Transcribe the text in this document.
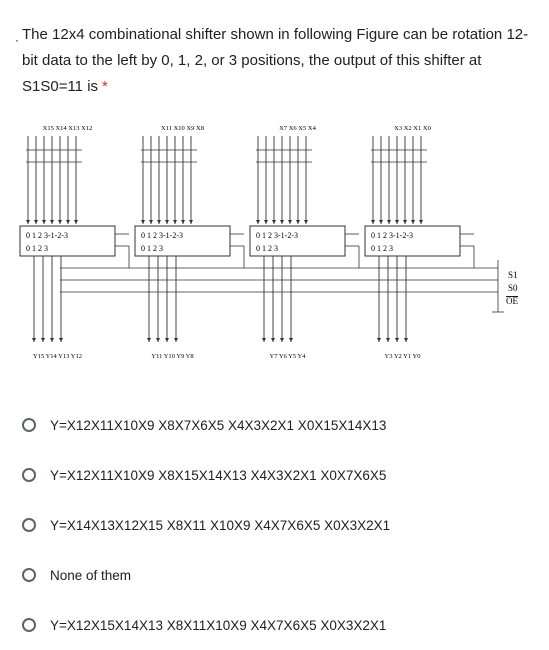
̣The 12x4 combinational shifter shown in following Figure can be rotation 12-bit data to the left by 0, 1, 2, or 3 positions, the output of this shifter at S1S0=11 is *
X15 X14 X13 X12
0 1 2 3-1-2-3
0 1 2 3
Y15 Y14 Y13 Y12
X11 X10 X9 X8
0 1 2 3-1-2-3
0 1 2 3
Y11 Y10 Y9 Y8
X7 X6 X5 X4
0 1 2 3-1-2-3
0 1 2 3
Y7 Y6 Y5 Y4
X3 X2 X1 X0
0 1 2 3-1-2-3
0 1 2 3
Y3 Y2 Y1 Y0
S1
S0
OE
Y=X12X11X10X9 X8X7X6X5 X4X3X2X1 X0X15X14X13
Y=X12X11X10X9 X8X15X14X13 X4X3X2X1 X0X7X6X5
Y=X14X13X12X15 X8X11 X10X9 X4X7X6X5 X0X3X2X1
None of them
Y=X12X15X14X13 X8X11X10X9 X4X7X6X5 X0X3X2X1
